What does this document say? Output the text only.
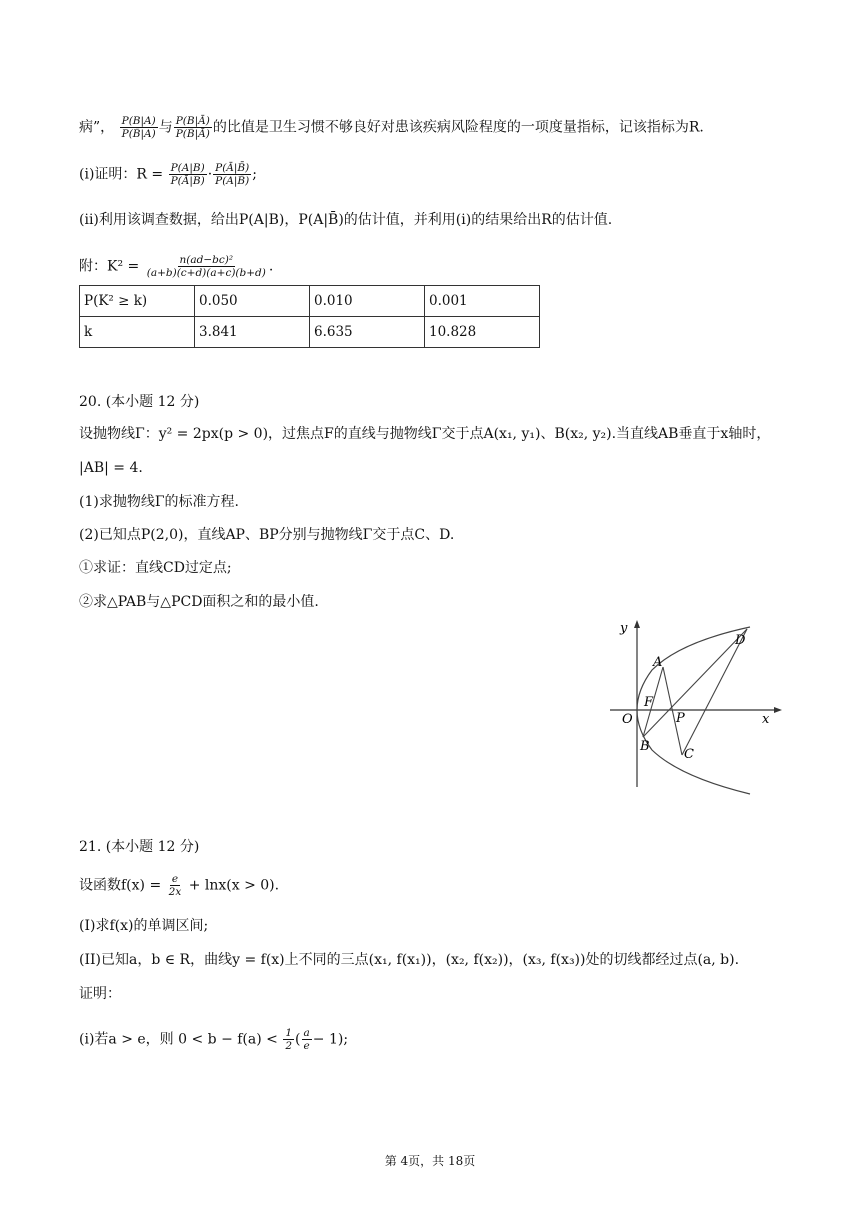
病”， $\frac{P(B|A)}{P(B̄|A)}$ 与 $\frac{P(B|Ā)}{P(B̄|Ā)}$ 的比值是卫生习惯不够良好对患该疾病风险程度的一项度量指标，记该指标为R.
(i)证明：$R = \frac{P(A|B)}{P(Ā|B)} \cdot \frac{P(Ā|B̄)}{P(A|B̄)}$ ;
(ii)利用该调查数据，给出P(A|B)，P(A|B̄)的估计值，并利用(i)的结果给出R的估计值.
附：$K^2 = \frac{\text{n(ad−bc)²}}{(a+b)(c+d)(a+c)(b+d)}$ .
P(K² ≥ k)	0.050	0.010	0.001
k	3.841	6.635	10.828
20. (本小题 12 分)
设抛物线Γ：y² = 2px(p > 0)，过焦点F的直线与抛物线Γ交于点A(x₁, y₁)、B(x₂, y₂).当直线AB垂直于x轴时，
|AB| = 4.
(1)求抛物线Γ的标准方程.
(2)已知点P(2,0)，直线AP、BP分别与抛物线Γ交于点C、D.
①求证：直线CD过定点;
②求△PAB与△PCD面积之和的最小值.
y
x
O
F
P
A
B
C
D
21. (本小题 12 分)
设函数$f(x) = \frac{e}{2x} + \ln x(x > 0)$.
(I)求f(x)的单调区间;
(II)已知a，b ∈ R，曲线y = f(x)上不同的三点(x₁, f(x₁))，(x₂, f(x₂))，(x₃, f(x₃))处的切线都经过点(a, b).
证明：
(i)若a > e，则 $0 < b - f(a) < \frac{1}{2}$ ( $\frac{a}{e} - 1$);
第 4页，共 18页
